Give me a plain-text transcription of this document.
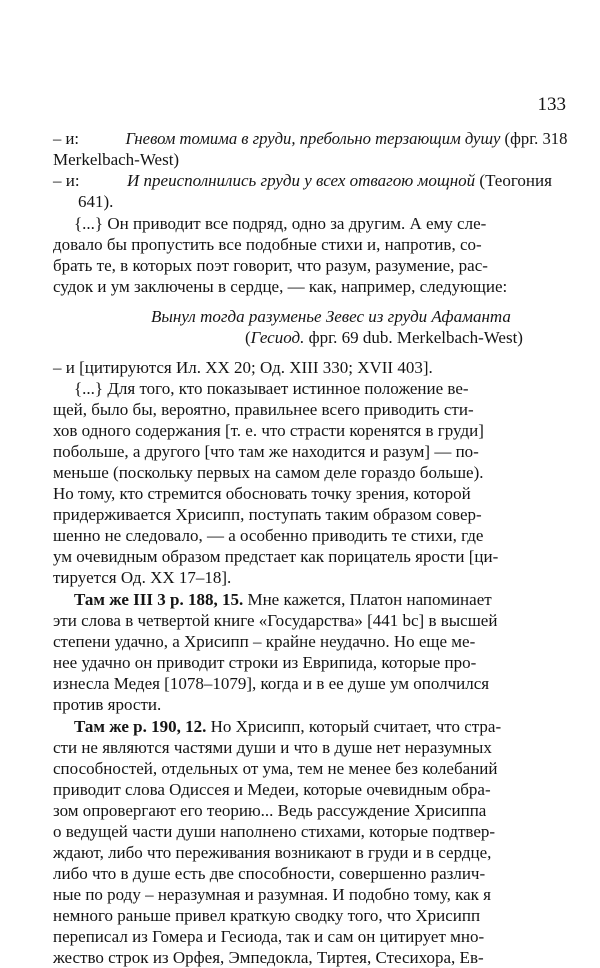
133
– и:	Гневом томима в груди, пребольно терзающим душу (фрг. 318
Merkelbach-West)
– и:	И преисполнились груди у всех отвагою мощной (Теогония
641).
{...} Он приводит все подряд, одно за другим. А ему сле-
довало бы пропустить все подобные стихи и, напротив, со-
брать те, в которых поэт говорит, что разум, разумение, рас-
судок и ум заключены в сердце, — как, например, следующие:
Вынул тогда разуменье Зевес из груди Афаманта
(Гесиод. фрг. 69 dub. Merkelbach-West)
– и [цитируются Ил. XX 20; Од. XIII 330; XVII 403].
{...} Для того, кто показывает истинное положение ве-
щей, было бы, вероятно, правильнее всего приводить сти-
хов одного содержания [т. е. что страсти коренятся в груди]
побольше, а другого [что там же находится и разум] — по-
меньше (поскольку первых на самом деле гораздо больше).
Но тому, кто стремится обосновать точку зрения, которой
придерживается Хрисипп, поступать таким образом совер-
шенно не следовало, — а особенно приводить те стихи, где
ум очевидным образом предстает как порицатель ярости [ци-
тируется Од. XX 17–18].
Там же III 3 р. 188, 15. Мне кажется, Платон напоминает
эти слова в четвертой книге «Государства» [441 bc] в высшей
степени удачно, а Хрисипп – крайне неудачно. Но еще ме-
нее удачно он приводит строки из Еврипида, которые про-
изнесла Медея [1078–1079], когда и в ее душе ум ополчился
против ярости.
Там же р. 190, 12. Но Хрисипп, который считает, что стра-
сти не являются частями души и что в душе нет неразумных
способностей, отдельных от ума, тем не менее без колебаний
приводит слова Одиссея и Медеи, которые очевидным обра-
зом опровергают его теорию... Ведь рассуждение Хрисиппа
о ведущей части души наполнено стихами, которые подтвер-
ждают, либо что переживания возникают в груди и в сердце,
либо что в душе есть две способности, совершенно различ-
ные по роду – неразумная и разумная. И подобно тому, как я
немного раньше привел краткую сводку того, что Хрисипп
переписал из Гомера и Гесиода, так и сам он цитирует мно-
жество строк из Орфея, Эмпедокла, Тиртея, Стесихора, Ев-
